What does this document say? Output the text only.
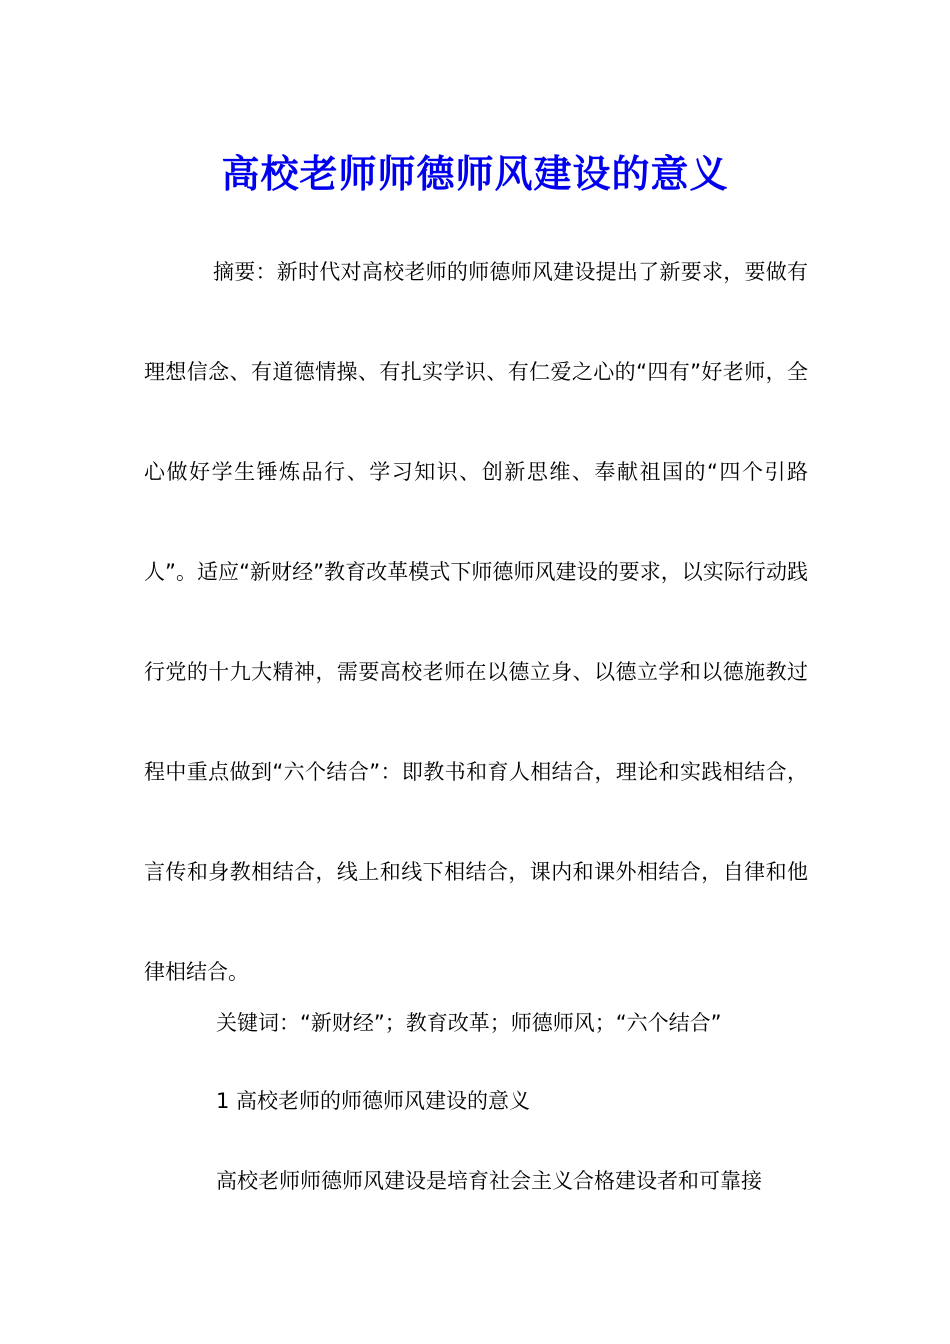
高校老师师德师风建设的意义

摘要：新时代对高校老师的师德师风建设提出了新要求，要做有理想信念、有道德情操、有扎实学识、有仁爱之心的“四有”好老师，全心做好学生锤炼品行、学习知识、创新思维、奉献祖国的“四个引路人”。适应“新财经”教育改革模式下师德师风建设的要求，以实际行动践行党的十九大精神，需要高校老师在以德立身、以德立学和以德施教过程中重点做到“六个结合”：即教书和育人相结合，理论和实践相结合，言传和身教相结合，线上和线下相结合，课内和课外相结合，自律和他律相结合。

关键词：“新财经”；教育改革；师德师风；“六个结合”

1 高校老师的师德师风建设的意义

高校老师师德师风建设是培育社会主义合格建设者和可靠接
